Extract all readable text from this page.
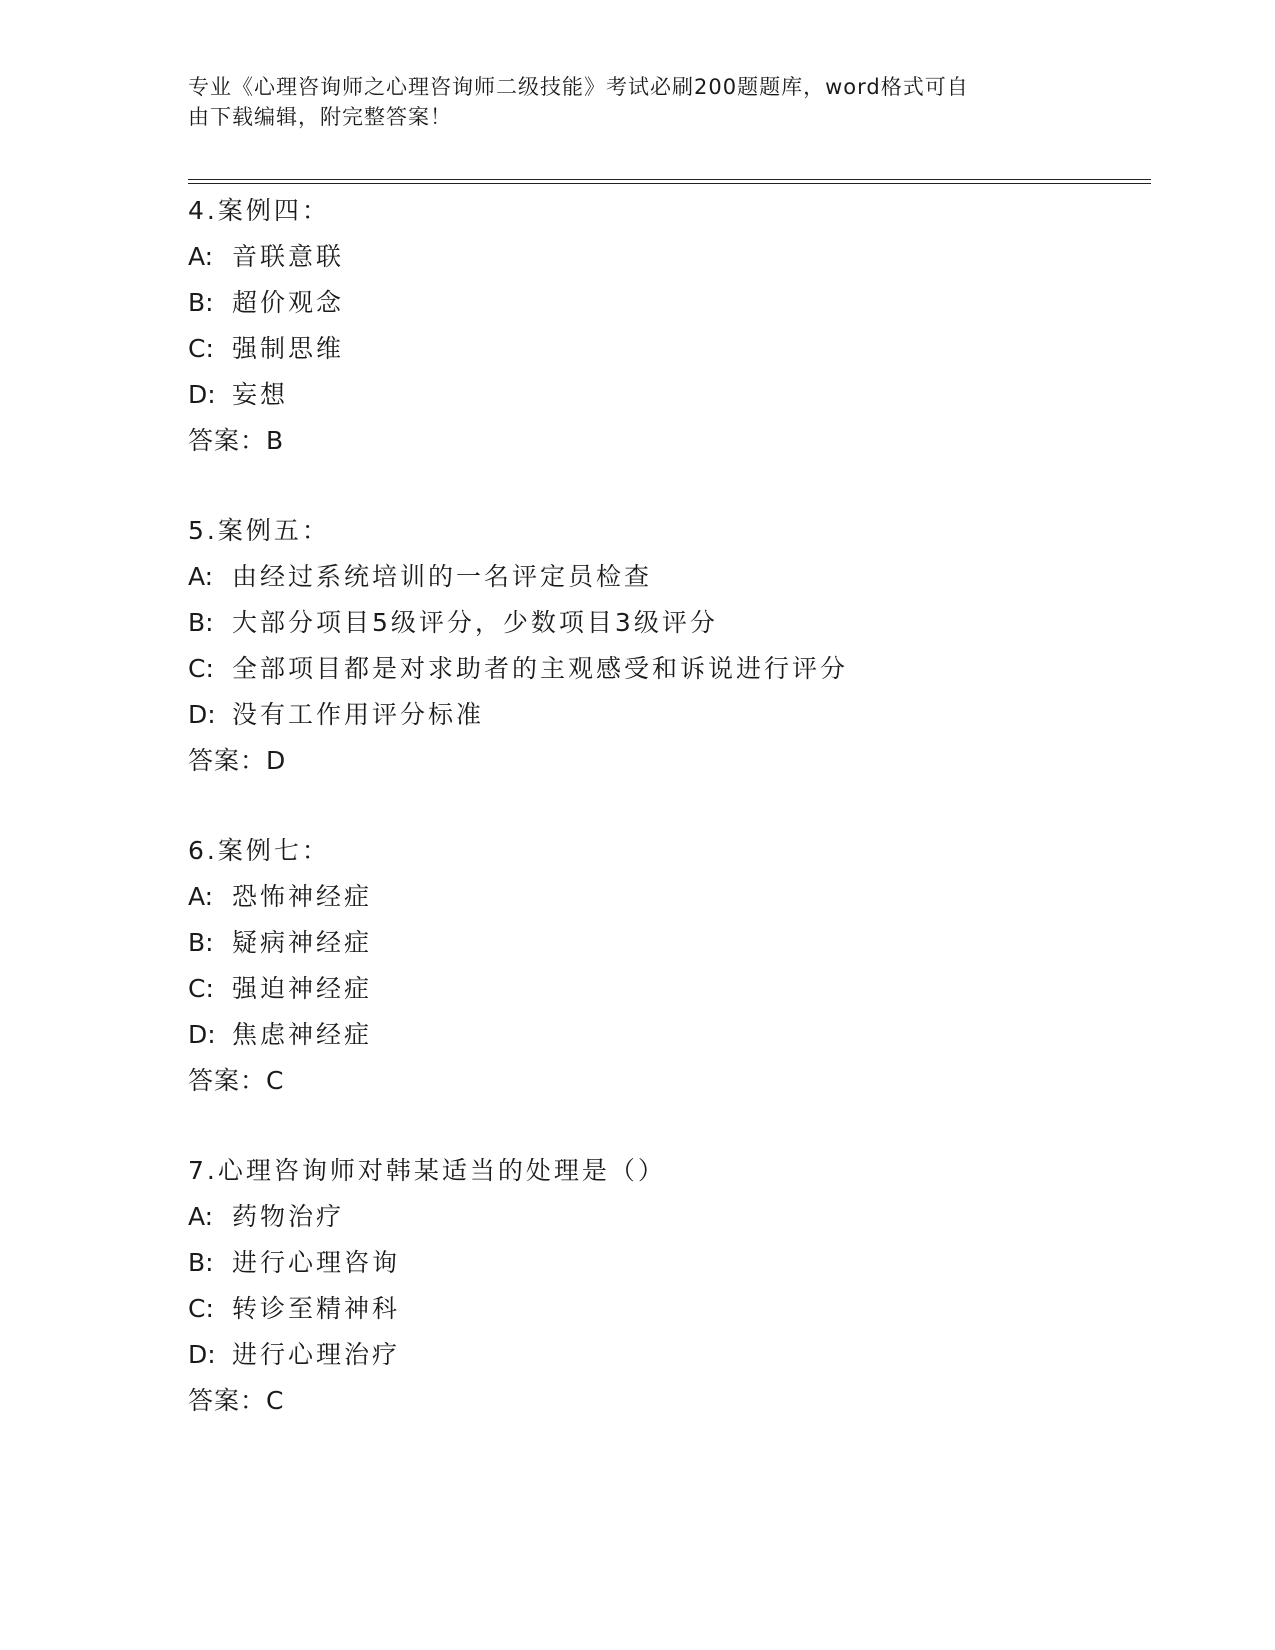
专业《心理咨询师之心理咨询师二级技能》考试必刷200题题库，word格式可自
由下载编辑，附完整答案！
4.案例四：
A: 音联意联
B: 超价观念
C: 强制思维
D: 妄想
答案：B
5.案例五：
A: 由经过系统培训的一名评定员检查
B: 大部分项目5级评分，少数项目3级评分
C: 全部项目都是对求助者的主观感受和诉说进行评分
D: 没有工作用评分标准
答案：D
6.案例七：
A: 恐怖神经症
B: 疑病神经症
C: 强迫神经症
D: 焦虑神经症
答案：C
7.心理咨询师对韩某适当的处理是（）
A: 药物治疗
B: 进行心理咨询
C: 转诊至精神科
D: 进行心理治疗
答案：C
